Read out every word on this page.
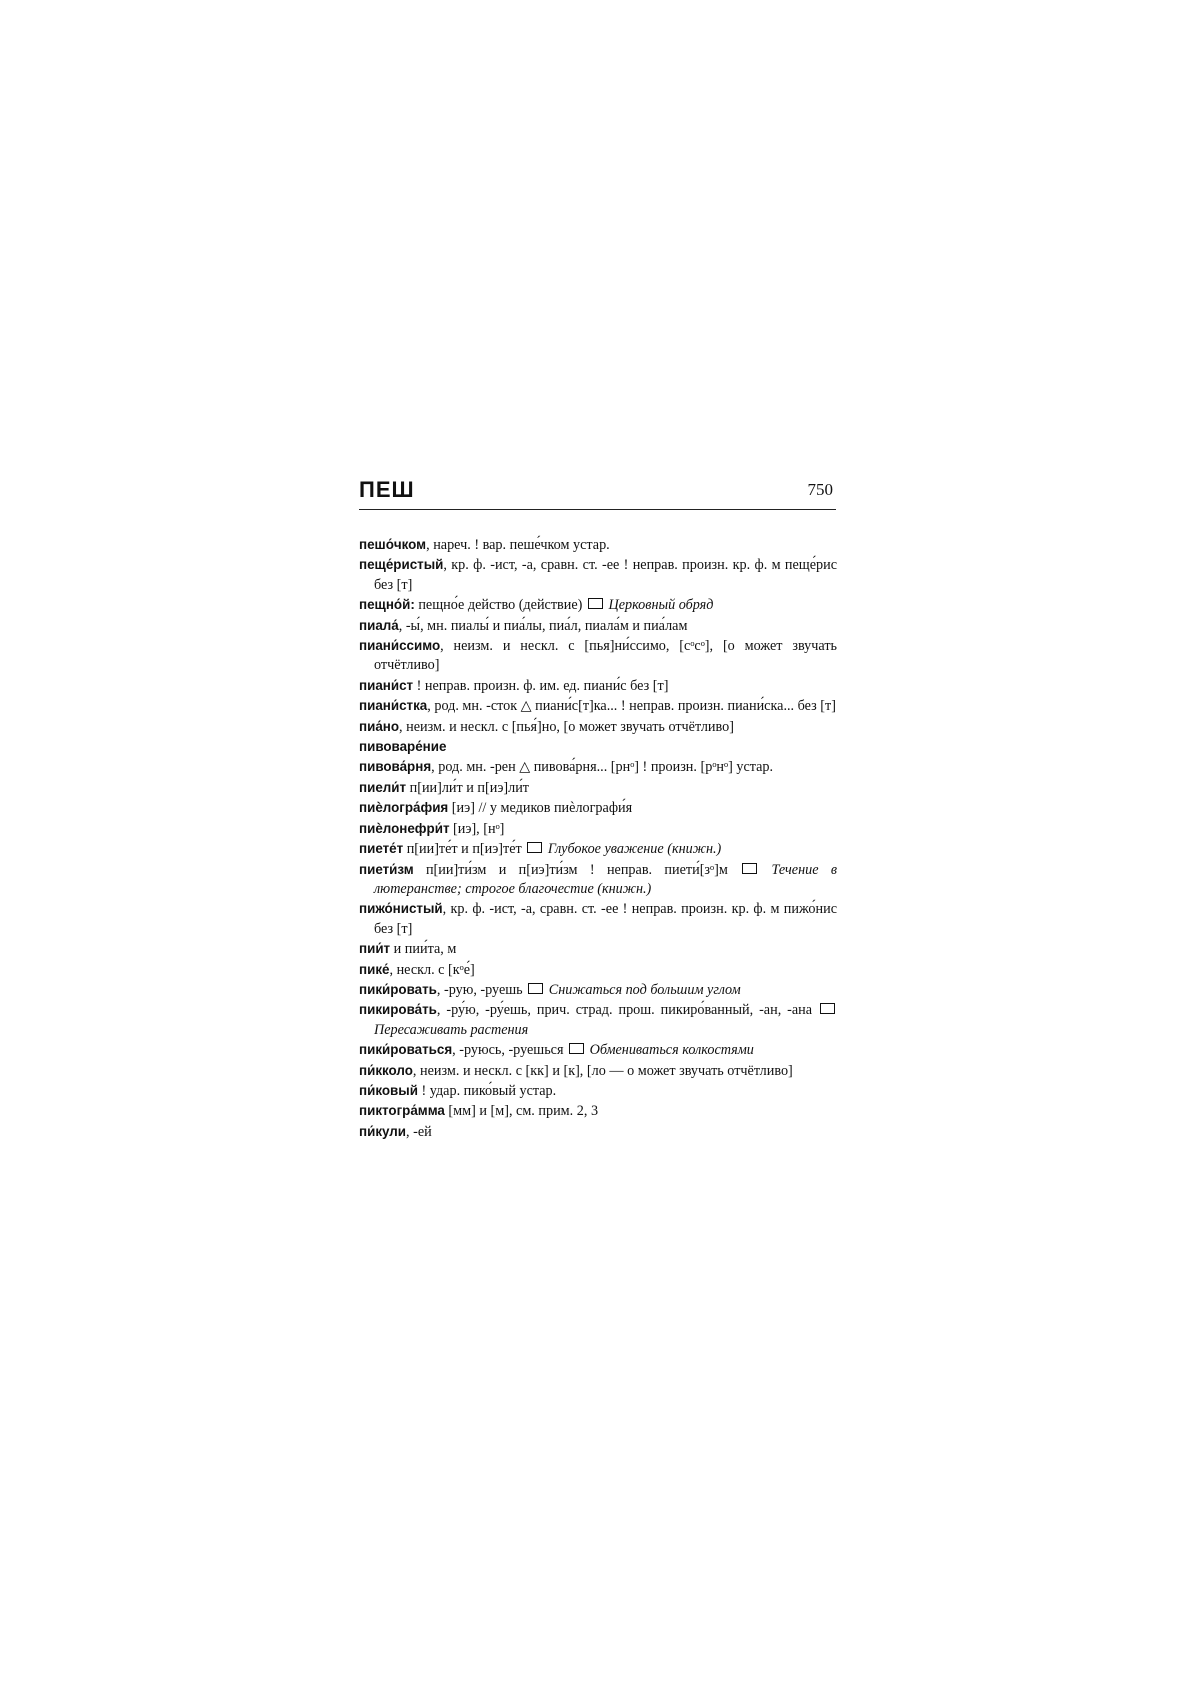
ПЕШ	750
пешо́чком, нареч. ! вар. пеше́чком устар.
пеще́ристый, кр. ф. -ист, -а, сравн. ст. -ее ! неправ. произн. кр. ф. м пеще́рис без [т]
пещно́й: пещно́е действо (действие)  Церковный обряд
пиала́, -ы́, мн. пиалы́ и пиа́лы, пиа́л, пиала́м и пиа́лам
пиани́ссимо, неизм. и нескл. с [пья]ни́ссимо, [сᵒсᵒ], [о может звучать отчётливо]
пиани́ст ! неправ. произн. ф. им. ед. пиани́с без [т]
пиани́стка, род. мн. -сток △ пиани́с[т]ка... ! неправ. произн. пиани́ска... без [т]
пиа́но, неизм. и нескл. с [пья́]но, [о может звучать отчётливо]
пивоваре́ние
пивова́рня, род. мн. -рен △ пивова́рня... [рнᵒ] ! произн. [рᵒнᵒ] устар.
пиели́т п[ии]ли́т и п[иэ]ли́т
пиѐлогра́фия [иэ] // у медиков пиѐлографи́я
пиѐлонефри́т [иэ], [нᵒ]
пиете́т п[ии]те́т и п[иэ]те́т  Глубокое уважение (книжн.)
пиети́зм п[ии]ти́зм и п[иэ]ти́зм ! неправ. пиети́[зᵒ]м  Течение в лютеранстве; строгое благочестие (книжн.)
пижо́нистый, кр. ф. -ист, -а, сравн. ст. -ее ! неправ. произн. кр. ф. м пижо́нис без [т]
пии́т и пии́та, м
пике́, нескл. с [кᵒе́]
пики́ровать, -рую, -руешь  Снижаться под большим углом
пикирова́ть, -ру́ю, -ру́ешь, прич. страд. прош. пикиро́ванный, -ан, -ана  Пересаживать растения
пики́роваться, -руюсь, -руешься  Обмениваться колкостями
пи́кколо, неизм. и нескл. с [кк] и [к], [ло — о может звучать отчётливо]
пи́ковый ! удар. пико́вый устар.
пиктогра́мма [мм] и [м], см. прим. 2, 3
пи́кули, -ей
